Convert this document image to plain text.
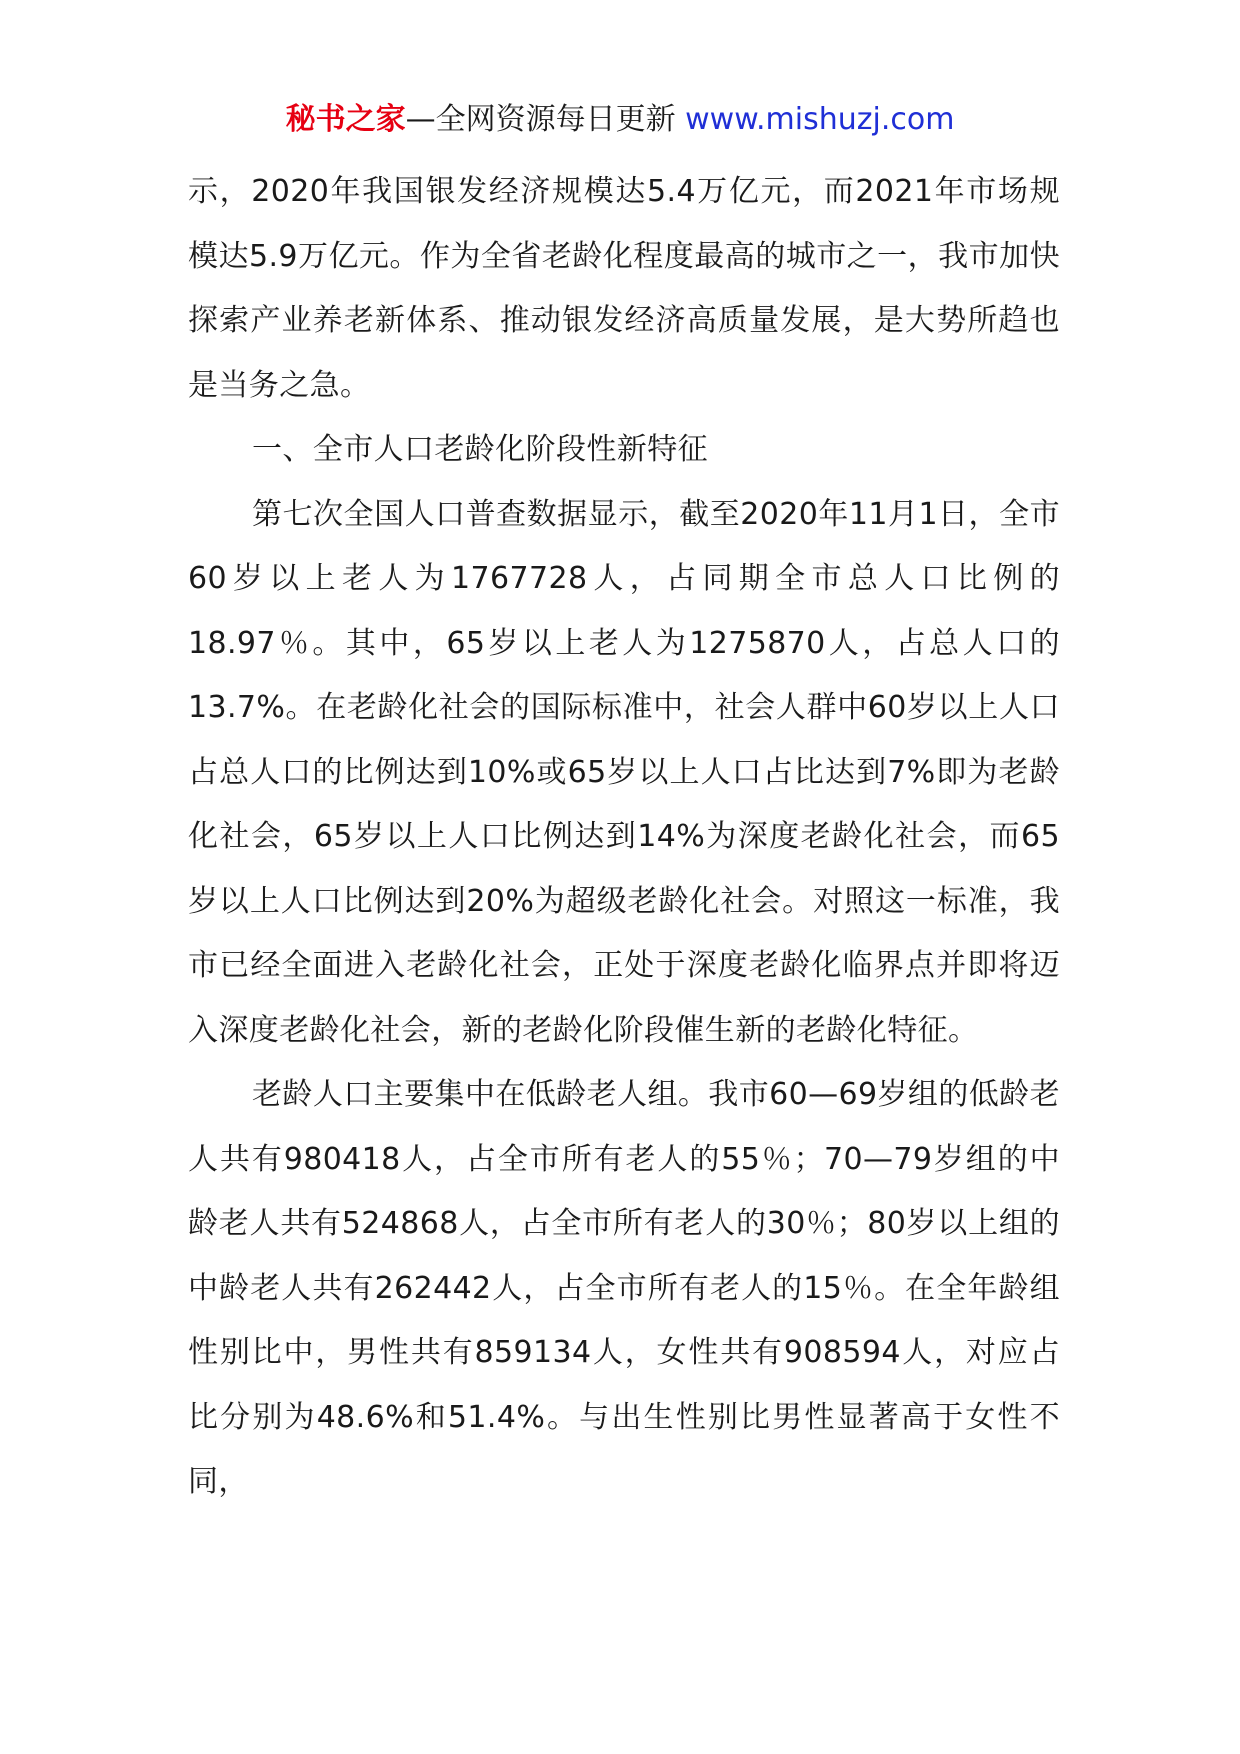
秘书之家—全网资源每日更新 www.mishuzj.com

示，2020年我国银发经济规模达5.4万亿元，而2021年市场规模达5.9万亿元。作为全省老龄化程度最高的城市之一，我市加快探索产业养老新体系、推动银发经济高质量发展，是大势所趋也是当务之急。

一、全市人口老龄化阶段性新特征

第七次全国人口普查数据显示，截至2020年11月1日，全市60岁以上老人为1767728人，占同期全市总人口比例的18.97％。其中，65岁以上老人为1275870人，占总人口的13.7%。在老龄化社会的国际标准中，社会人群中60岁以上人口占总人口的比例达到10%或65岁以上人口占比达到7%即为老龄化社会，65岁以上人口比例达到14%为深度老龄化社会，而65岁以上人口比例达到20%为超级老龄化社会。对照这一标准，我市已经全面进入老龄化社会，正处于深度老龄化临界点并即将迈入深度老龄化社会，新的老龄化阶段催生新的老龄化特征。

老龄人口主要集中在低龄老人组。我市60—69岁组的低龄老人共有980418人，占全市所有老人的55％；70—79岁组的中龄老人共有524868人，占全市所有老人的30％；80岁以上组的中龄老人共有262442人，占全市所有老人的15％。在全年龄组性别比中，男性共有859134人，女性共有908594人，对应占比分别为48.6%和51.4%。与出生性别比男性显著高于女性不同，
